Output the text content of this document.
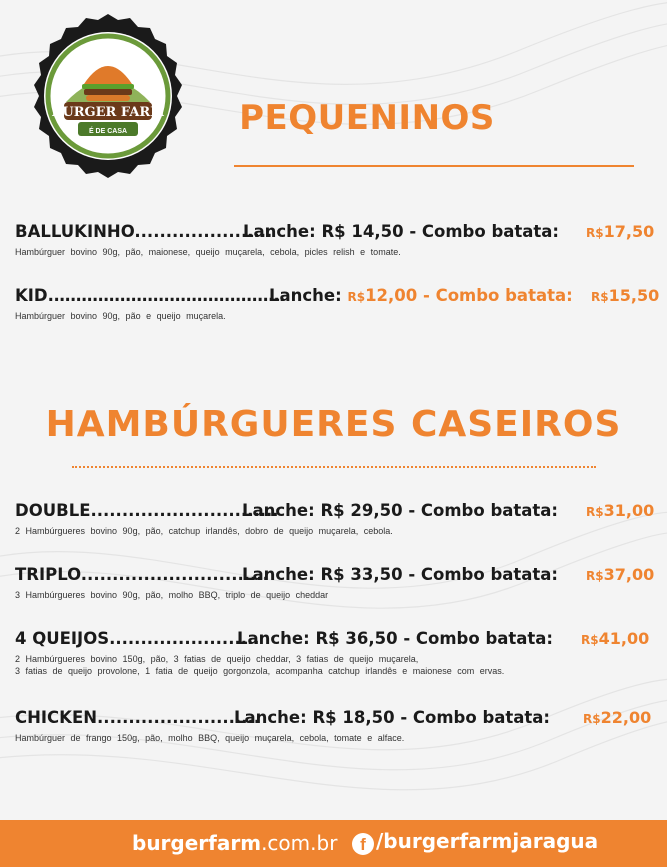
BURGER FARM
É DE CASA	PEQUENINOS
BALLUKINHO......................
Lanche: R$ 14,50 - Combo batata: R$17,50
Hambúrguer bovino 90g, pão, maionese, queijo muçarela, cebola, picles relish e tomate.
KID.……………………………………
Lanche: R$12,00 - Combo batata: R$15,50
Hambúrguer bovino 90g, pão e queijo muçarela.
HAMBÚRGUERES CASEIROS
DOUBLE..............................
Lanche: R$ 29,50 - Combo batata: R$31,00
2 Hambúrgueres bovino 90g, pão, catchup irlandês, dobro de queijo muçarela, cebola.
TRIPLO..............................
Lanche: R$ 33,50 - Combo batata: R$37,00
3 Hambúrgueres bovino 90g, pão, molho BBQ, triplo de queijo cheddar
4 QUEIJOS........................
Lanche: R$ 36,50 - Combo batata: R$41,00
2 Hambúrgueres bovino 150g, pão, 3 fatias de queijo cheddar, 3 fatias de queijo muçarela,
3 fatias de queijo provolone, 1 fatia de queijo gorgonzola, acompanha catchup irlandês e maionese com ervas.
CHICKEN..........................
Lanche: R$ 18,50 - Combo batata:	R$22,00
Hambúrguer de frango 150g, pão, molho BBQ, queijo muçarela, cebola, tomate e alface.
burgerfarm.com.br	f /burgerfarmjaragua
